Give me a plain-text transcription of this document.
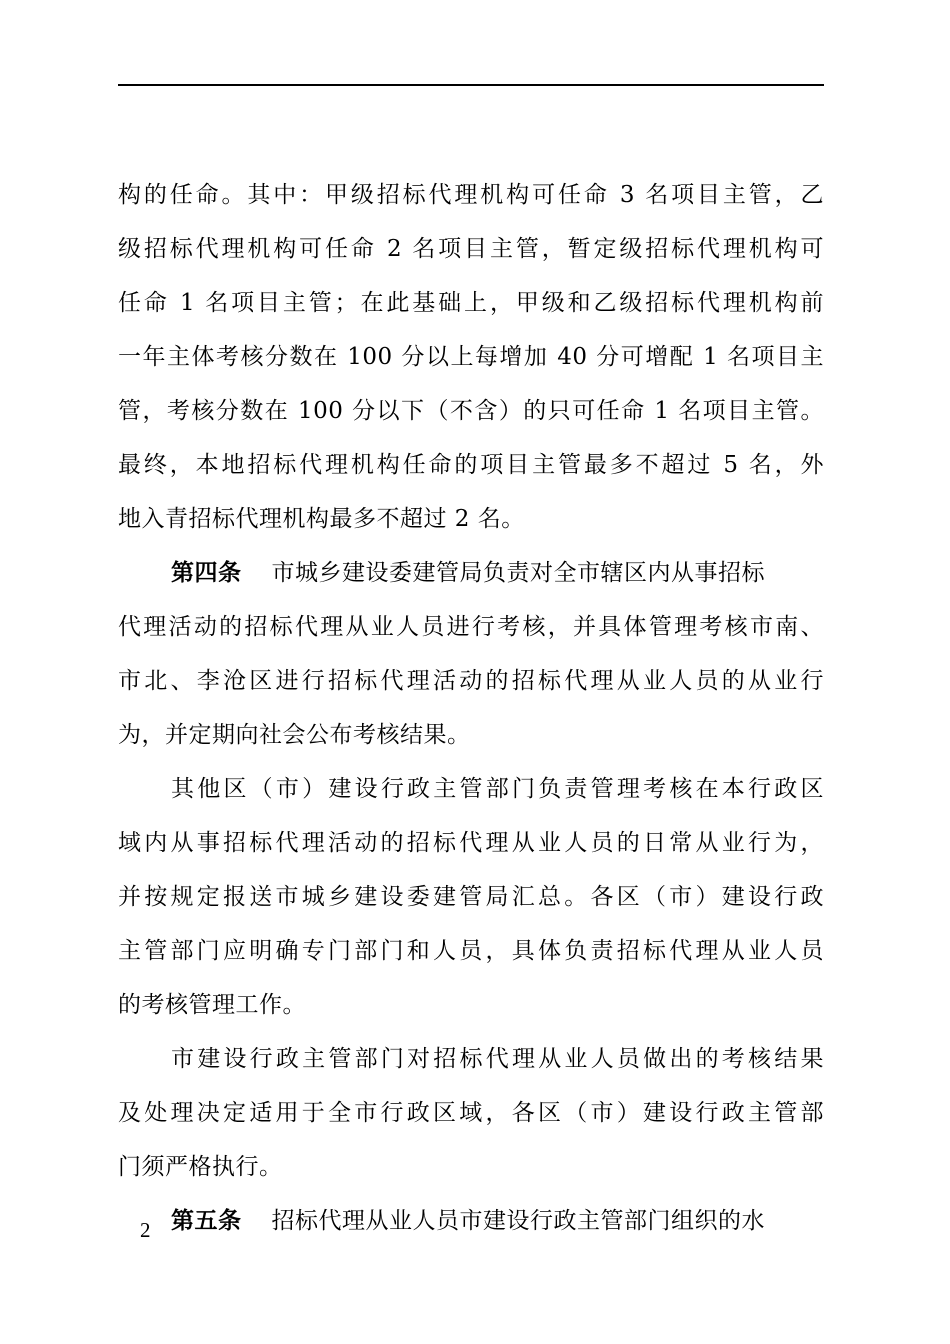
构的任命。其中：甲级招标代理机构可任命 3 名项目主管，乙
级招标代理机构可任命 2 名项目主管，暂定级招标代理机构可
任命 1 名项目主管；在此基础上，甲级和乙级招标代理机构前
一年主体考核分数在 100 分以上每增加 40 分可增配 1 名项目主
管，考核分数在 100 分以下（不含）的只可任命 1 名项目主管。
最终，本地招标代理机构任命的项目主管最多不超过 5 名，外
地入青招标代理机构最多不超过 2 名。
第四条 市城乡建设委建管局负责对全市辖区内从事招标
代理活动的招标代理从业人员进行考核，并具体管理考核市南、
市北、李沧区进行招标代理活动的招标代理从业人员的从业行
为，并定期向社会公布考核结果。
其他区（市）建设行政主管部门负责管理考核在本行政区
域内从事招标代理活动的招标代理从业人员的日常从业行为，
并按规定报送市城乡建设委建管局汇总。各区（市）建设行政
主管部门应明确专门部门和人员，具体负责招标代理从业人员
的考核管理工作。
市建设行政主管部门对招标代理从业人员做出的考核结果
及处理决定适用于全市行政区域，各区（市）建设行政主管部
门须严格执行。
第五条 招标代理从业人员市建设行政主管部门组织的水
2
